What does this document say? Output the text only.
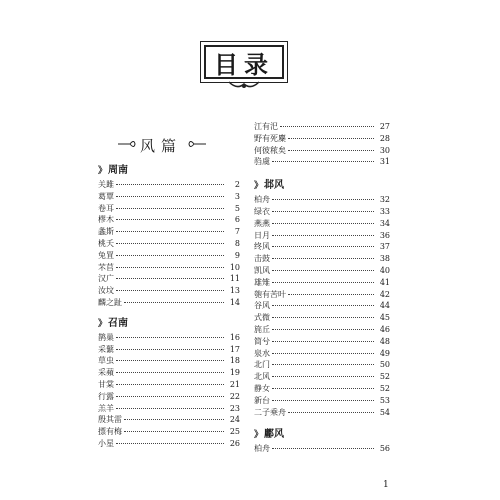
目录
风篇
》 周南
关雎	2
葛覃	3
卷耳	5
樛木	6
螽斯	7
桃夭	8
兔罝	9
芣苢	10
汉广	11
汝坟	13
麟之趾	14
》 召南
鹊巢	16
采蘩	17
草虫	18
采蘋	19
甘棠	21
行露	22
羔羊	23
殷其雷	24
摽有梅	25
小星	26
江有汜	27
野有死麇	28
何彼秾矣	30
驺虞	31
》 邶风
柏舟	32
绿衣	33
燕燕	34
日月	36
终风	37
击鼓	38
凯风	40
雄雉	41
匏有苦叶	42
谷风	44
式微	45
旄丘	46
简兮	48
泉水	49
北门	50
北风	52
静女	52
新台	53
二子乘舟	54
》 鄘风
柏舟	56
1
